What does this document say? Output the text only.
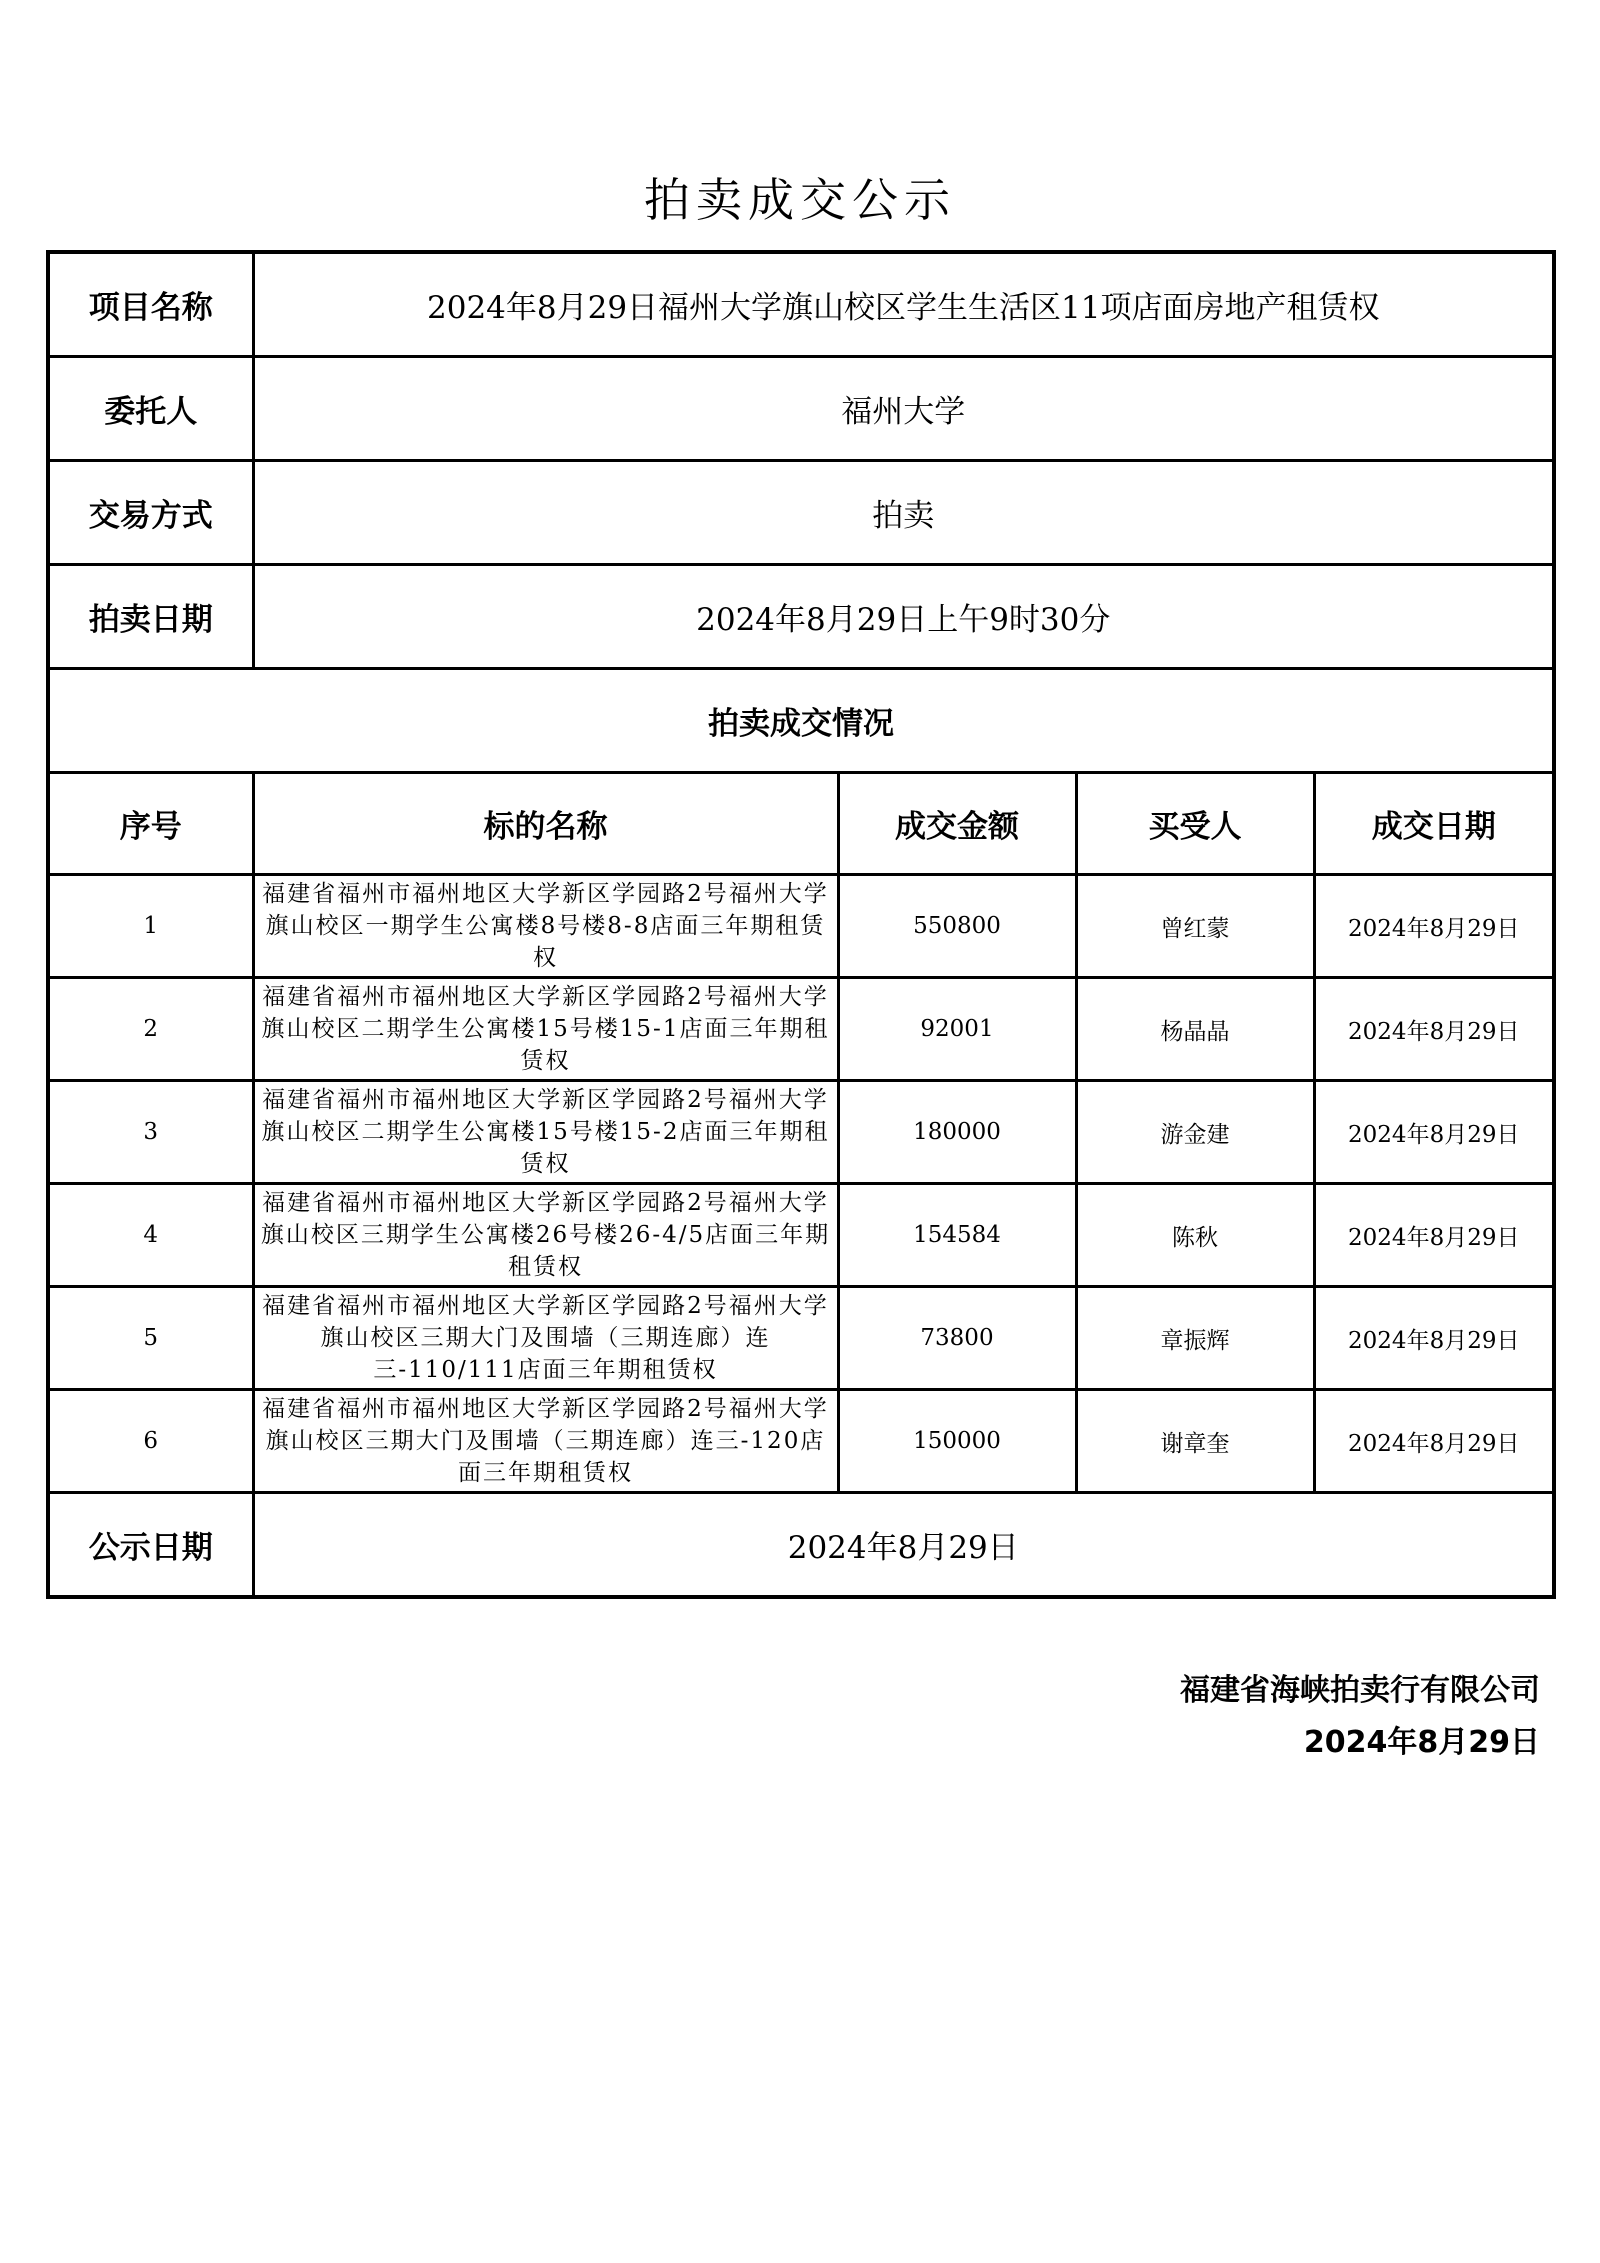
拍卖成交公示
项目名称	2024年8月29日福州大学旗山校区学生生活区11项店面房地产租赁权			
委托人	福州大学			
交易方式	拍卖			
拍卖日期	2024年8月29日上午9时30分			
拍卖成交情况				
序号	标的名称	成交金额	买受人	成交日期
1	福建省福州市福州地区大学新区学园路2号福州大学旗山校区一期学生公寓楼8号楼8-8店面三年期租赁权	550800	曾红蒙	2024年8月29日
2	福建省福州市福州地区大学新区学园路2号福州大学旗山校区二期学生公寓楼15号楼15-1店面三年期租赁权	92001	杨晶晶	2024年8月29日
3	福建省福州市福州地区大学新区学园路2号福州大学旗山校区二期学生公寓楼15号楼15-2店面三年期租赁权	180000	游金建	2024年8月29日
4	福建省福州市福州地区大学新区学园路2号福州大学旗山校区三期学生公寓楼26号楼26-4/5店面三年期租赁权	154584	陈秋	2024年8月29日
5	福建省福州市福州地区大学新区学园路2号福州大学旗山校区三期大门及围墙（三期连廊）连三-110/111店面三年期租赁权	73800	章振辉	2024年8月29日
6	福建省福州市福州地区大学新区学园路2号福州大学旗山校区三期大门及围墙（三期连廊）连三-120店面三年期租赁权	150000	谢章奎	2024年8月29日
公示日期	2024年8月29日			
福建省海峡拍卖行有限公司
2024年8月29日
